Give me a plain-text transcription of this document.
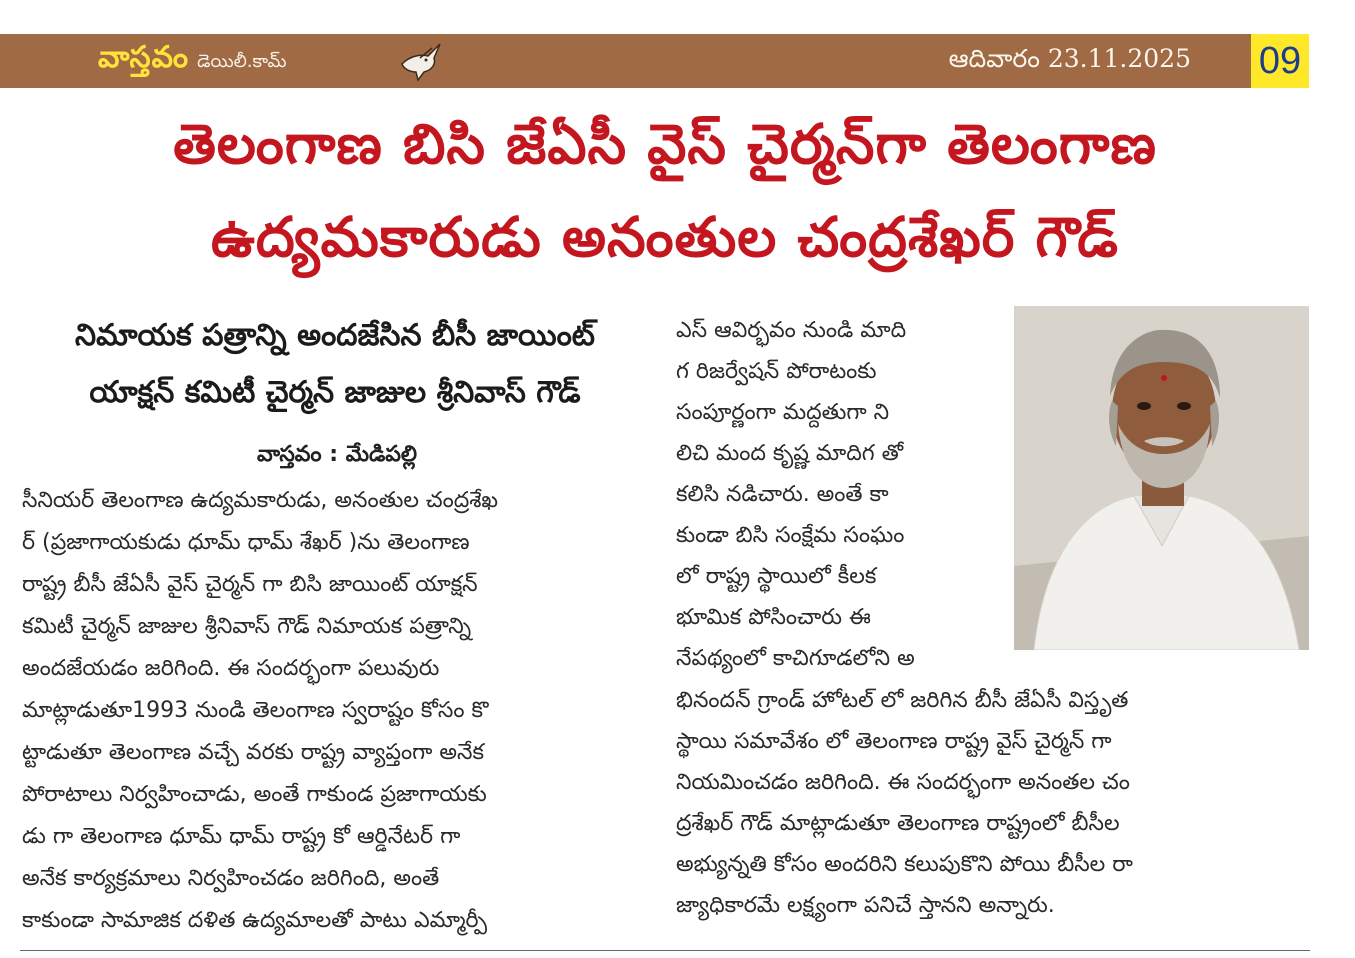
వాస్తవం డెయిలీ.కామ్	ఆదివారం 23.11.2025 09
తెలంగాణ బిసి జేఏసీ వైస్ చైర్మన్‌గా తెలంగాణ
ఉద్యమకారుడు అనంతుల చంద్రశేఖర్ గౌడ్
నిమాయక పత్రాన్ని అందజేసిన బీసీ జాయింట్
యాక్షన్ కమిటీ చైర్మన్ జాజుల శ్రీనివాస్ గౌడ్
వాస్తవం : మేడిపల్లి
సీనియర్ తెలంగాణ ఉద్యమకారుడు, అనంతుల చంద్రశేఖ
ర్ (ప్రజాగాయకుడు ధూమ్ ధామ్ శేఖర్ )ను తెలంగాణ
రాష్ట్ర బీసీ జేఏసీ వైస్ చైర్మన్ గా బిసి జాయింట్ యాక్షన్
కమిటీ చైర్మన్ జాజుల శ్రీనివాస్ గౌడ్ నిమాయక పత్రాన్ని
అందజేయడం జరిగింది. ఈ సందర్భంగా పలువురు
మాట్లాడుతూ1993 నుండి తెలంగాణ స్వరాష్టం కోసం కొ
ట్టాడుతూ తెలంగాణ వచ్చే వరకు రాష్ట్ర వ్యాప్తంగా అనేక
పోరాటాలు నిర్వహించాడు, అంతే గాకుండ ప్రజాగాయకు
డు గా తెలంగాణ ధూమ్ ధామ్ రాష్ట్ర కో ఆర్డినేటర్ గా
అనేక కార్యక్రమాలు నిర్వహించడం జరిగింది, అంతే
కాకుండా సామాజిక దళిత ఉద్యమాలతో పాటు ఎమ్మార్పీ
ఎస్ ఆవిర్భవం నుండి మాది
గ రిజర్వేషన్ పోరాటంకు
సంపూర్ణంగా మద్దతుగా ని
లిచి మంద కృష్ణ మాదిగ తో
కలిసి నడిచారు. అంతే కా
కుండా బిసి సంక్షేమ సంఘం
లో రాష్ట్ర స్థాయిలో కీలక
భూమిక పోసించారు ఈ
నేపథ్యంలో కాచిగూడలోని అ
భినందన్ గ్రాండ్ హోటల్ లో జరిగిన బీసీ జేఏసీ విస్తృత
స్థాయి సమావేశం లో తెలంగాణ రాష్ట్ర వైస్ చైర్మన్ గా
నియమించడం జరిగింది. ఈ సందర్భంగా అనంతల చం
ద్రశేఖర్ గౌడ్ మాట్లాడుతూ తెలంగాణ రాష్ట్రంలో బీసీల
అభ్యున్నతి కోసం అందరిని కలుపుకొని పోయి బీసీల రా
జ్యాధికారమే లక్ష్యంగా పనిచే స్తానని అన్నారు.
